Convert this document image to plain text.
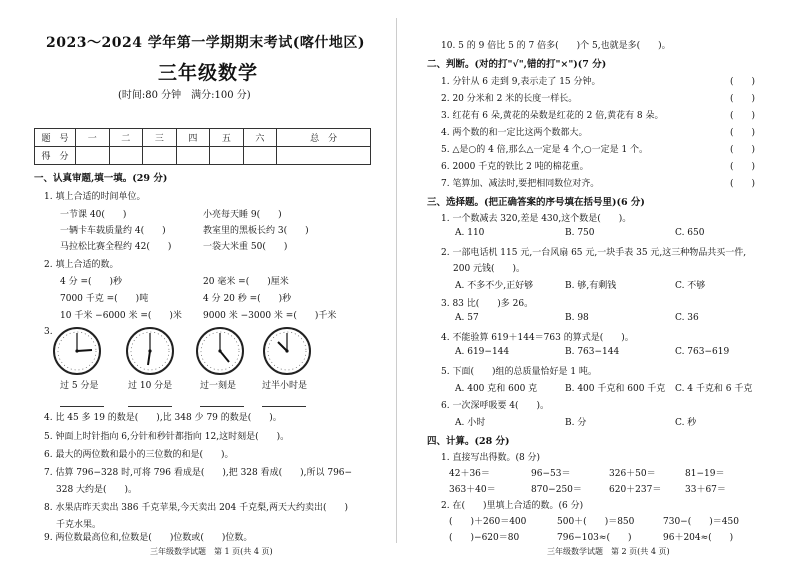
2023～2024 学年第一学期期末考试(喀什地区)
三年级数学
(时间:80 分钟　满分:100 分)
题　号	一	二	三	四	五	六	总　分
得　分							
一、认真审题,填一填。(29 分)
1. 填上合适的时间单位。
一节课 40(　　)	小亮每天睡 9(　　)
一辆卡车载质量约 4(　　)	教室里的黑板长约 3(　　)
马拉松比赛全程约 42(　　)	一袋大米重 50(　　)
2. 填上合适的数。
4 分 =(　　)秒	20 毫米 =(　　)厘米
7000 千克 =(　　)吨	4 分 20 秒 =(　　)秒
10 千米 −6000 米 =(　　)米 9000 米 −3000 米 =(　　)千米
3.
过 5 分是	过 10 分是	过一刻是	过半小时是
4. 比 45 多 19 的数是(　　),比 348 少 79 的数是(　　)。
5. 钟面上时针指向 6,分针和秒针都指向 12,这时刻是(　　)。
6. 最大的两位数和最小的三位数的和是(　　)。
7. 估算 796−328 时,可将 796 看成是(　　),把 328 看成(　　),所以 796−
328 大约是(　　)。
8. 水果店昨天卖出 386 千克苹果,今天卖出 204 千克梨,两天大约卖出(　　)
千克水果。
9. 两位数最高位和,位数是(　　)位数或(　　)位数。
三年级数学试题　第 1 页(共 4 页)
10. 5 的 9 倍比 5 的 7 倍多(　　)个 5,也就是多(　　)。
二、判断。(对的打"√",错的打"×")(7 分)
1. 分针从 6 走到 9,表示走了 15 分钟。	(　　)
2. 20 分米和 2 米的长度一样长。	(　　)
3. 红花有 6 朵,黄花的朵数是红花的 2 倍,黄花有 8 朵。	(　　)
4. 两个数的和一定比这两个数都大。	(　　)
5. △是○的 4 倍,那么△一定是 4 个,○一定是 1 个。	(　　)
6. 2000 千克的铁比 2 吨的棉花重。	(　　)
7. 笔算加、减法时,要把相同数位对齐。	(　　)
三、选择题。(把正确答案的序号填在括号里)(6 分)
1. 一个数减去 320,差是 430,这个数是(　　)。
A. 110	B. 750	C. 650
2. 一部电话机 115 元,一台风扇 65 元,一块手表 35 元,这三种物品共买一件,
200 元钱(　　)。
A. 不多不少,正好够	B. 够,有剩钱	C. 不够
3. 83 比(　　)多 26。
A. 57	B. 98	C. 36
4. 不能验算 619＋144＝763 的算式是(　　)。
A. 619−144	B. 763−144	C. 763−619
5. 下面(　　)组的总质量恰好是 1 吨。
A. 400 克和 600 克	B. 400 千克和 600 千克 C. 4 千克和 6 千克
6. 一次深呼吸要 4(　　)。
A. 小时	B. 分	C. 秒
四、计算。(28 分)
1. 直接写出得数。(8 分)
42＋36＝	96−53＝	326＋50＝	81−19＝
363＋40＝	870−250＝	620＋237＝	33＋67＝
2. 在(　　)里填上合适的数。(6 分)
(　　)＋260＝400	500＋(　　)＝850	730−(　　)＝450
(　　)−620＝80	796−103≈(　　)	96＋204≈(　　)
三年级数学试题　第 2 页(共 4 页)
